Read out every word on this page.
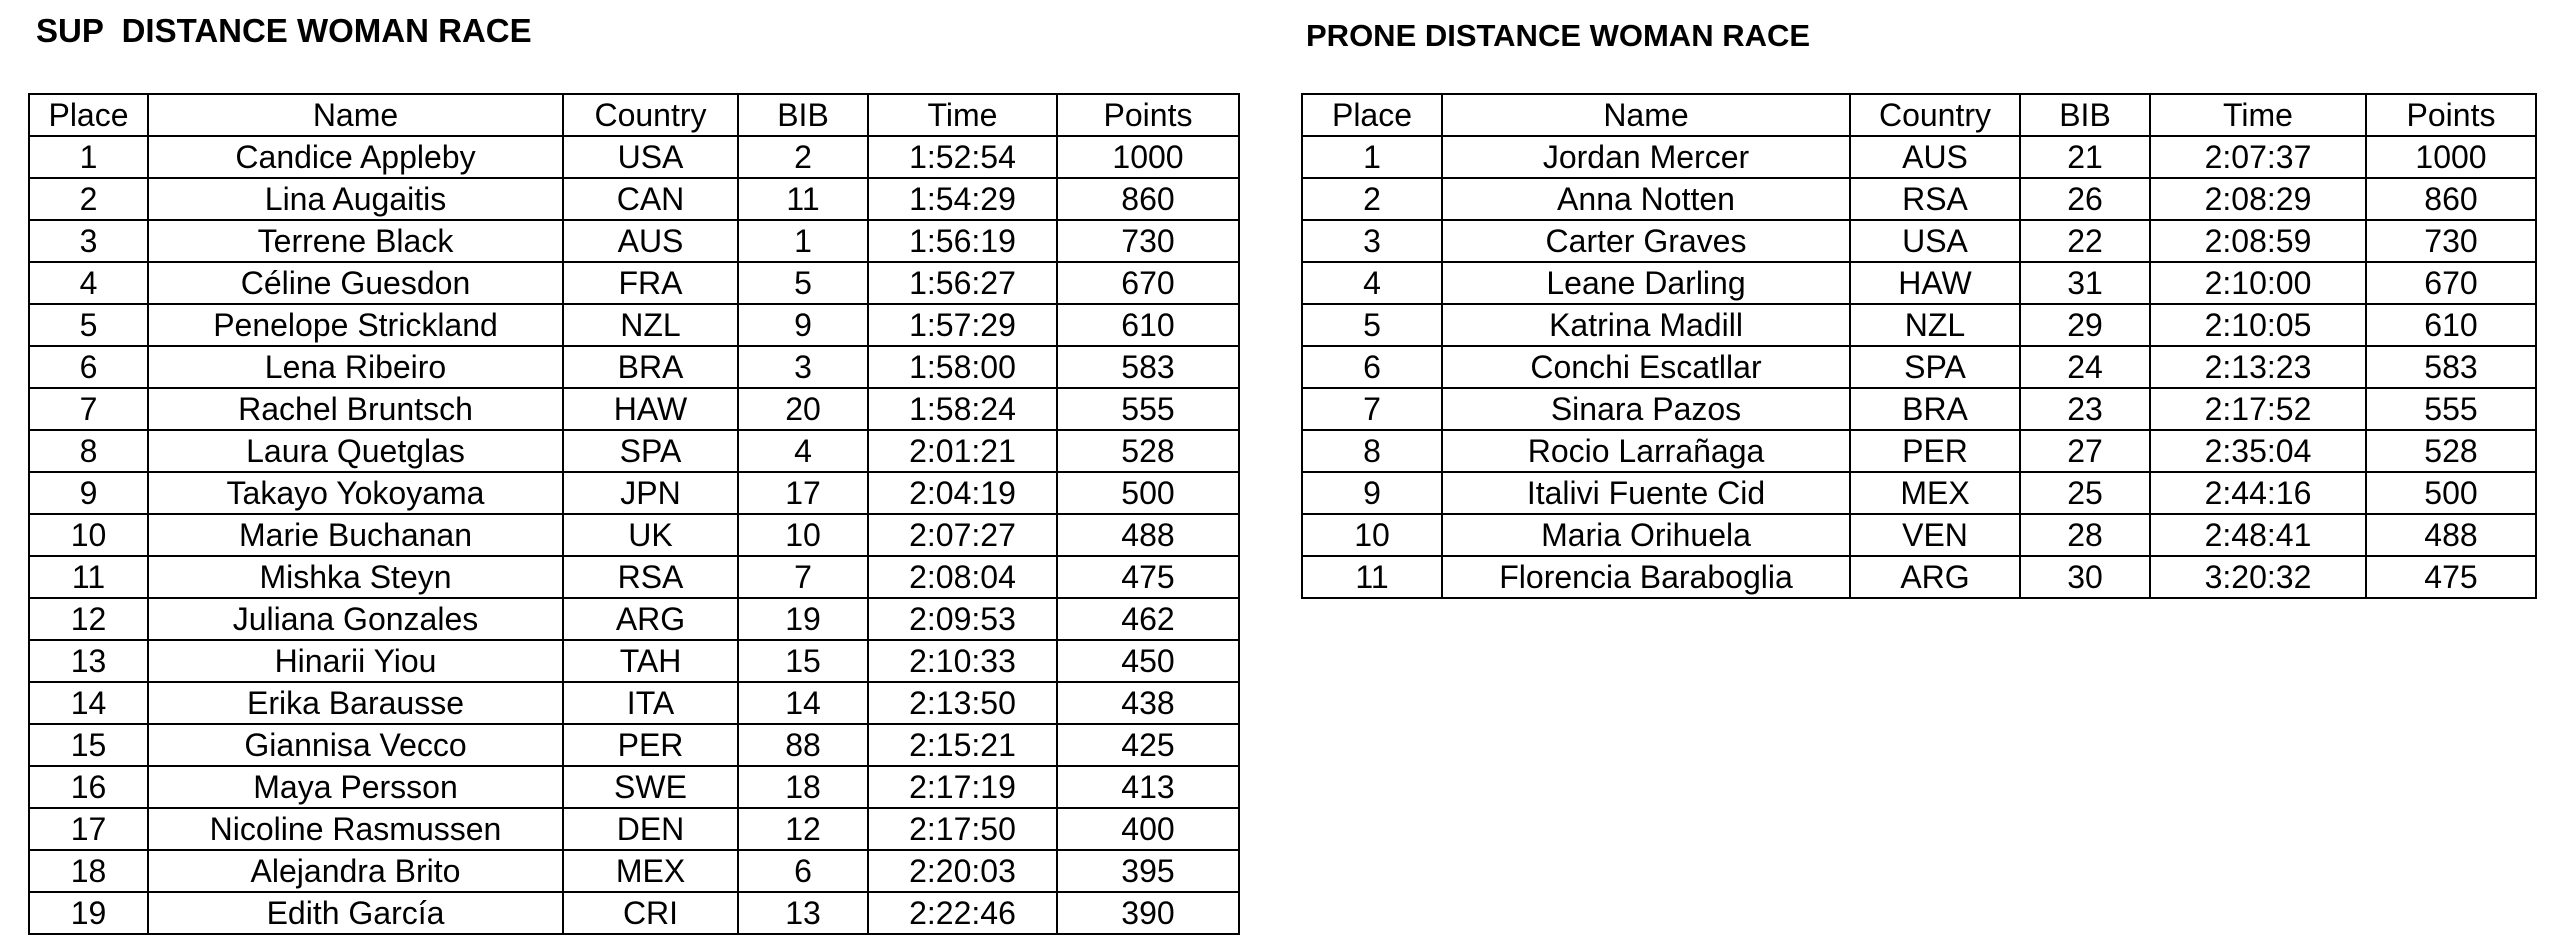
SUP  DISTANCE WOMAN RACE
Place	Name	Country	BIB	Time	Points
1	Candice Appleby	USA	2	1:52:54	1000
2	Lina Augaitis	CAN	11	1:54:29	860
3	Terrene Black	AUS	1	1:56:19	730
4	Céline Guesdon	FRA	5	1:56:27	670
5	Penelope Strickland	NZL	9	1:57:29	610
6	Lena Ribeiro	BRA	3	1:58:00	583
7	Rachel Bruntsch	HAW	20	1:58:24	555
8	Laura Quetglas	SPA	4	2:01:21	528
9	Takayo Yokoyama	JPN	17	2:04:19	500
10	Marie Buchanan	UK	10	2:07:27	488
11	Mishka Steyn	RSA	7	2:08:04	475
12	Juliana Gonzales	ARG	19	2:09:53	462
13	Hinarii Yiou	TAH	15	2:10:33	450
14	Erika Barausse	ITA	14	2:13:50	438
15	Giannisa Vecco	PER	88	2:15:21	425
16	Maya Persson	SWE	18	2:17:19	413
17	Nicoline Rasmussen	DEN	12	2:17:50	400
18	Alejandra Brito	MEX	6	2:20:03	395
19	Edith García	CRI	13	2:22:46	390
PRONE DISTANCE WOMAN RACE
Place	Name	Country	BIB	Time	Points
1	Jordan Mercer	AUS	21	2:07:37	1000
2	Anna Notten	RSA	26	2:08:29	860
3	Carter Graves	USA	22	2:08:59	730
4	Leane Darling	HAW	31	2:10:00	670
5	Katrina Madill	NZL	29	2:10:05	610
6	Conchi Escatllar	SPA	24	2:13:23	583
7	Sinara Pazos	BRA	23	2:17:52	555
8	Rocio Larrañaga	PER	27	2:35:04	528
9	Italivi Fuente Cid	MEX	25	2:44:16	500
10	Maria Orihuela	VEN	28	2:48:41	488
11	Florencia Baraboglia	ARG	30	3:20:32	475
